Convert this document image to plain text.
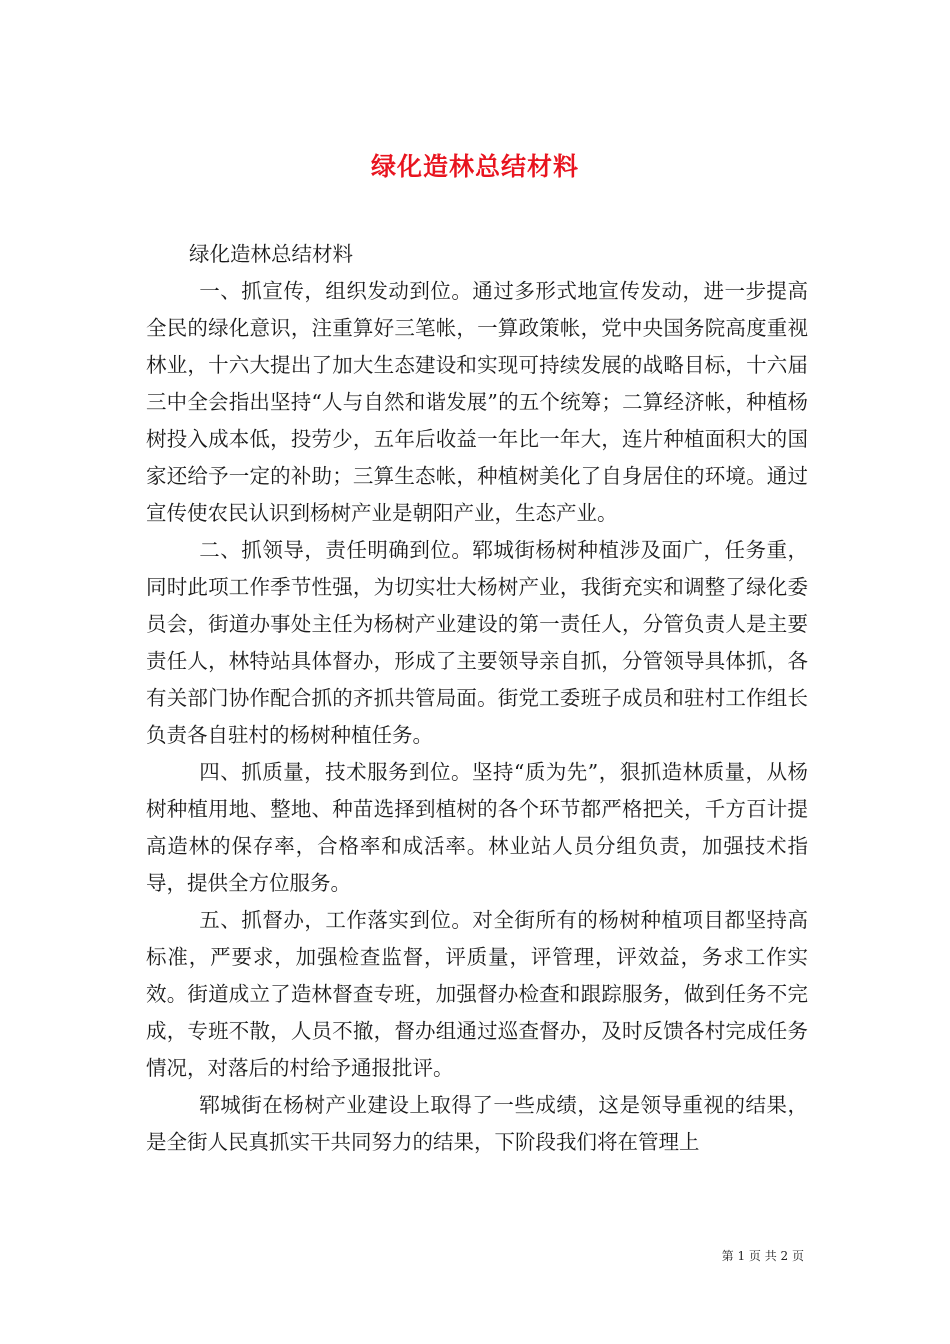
绿化造林总结材料

绿化造林总结材料

一、抓宣传，组织发动到位。通过多形式地宣传发动，进一步提高全民的绿化意识，注重算好三笔帐，一算政策帐，党中央国务院高度重视林业，十六大提出了加大生态建设和实现可持续发展的战略目标，十六届三中全会指出坚持“人与自然和谐发展”的五个统筹；二算经济帐，种植杨树投入成本低，投劳少，五年后收益一年比一年大，连片种植面积大的国家还给予一定的补助；三算生态帐，种植树美化了自身居住的环境。通过宣传使农民认识到杨树产业是朝阳产业，生态产业。

二、抓领导，责任明确到位。郓城街杨树种植涉及面广，任务重，同时此项工作季节性强，为切实壮大杨树产业，我街充实和调整了绿化委员会，街道办事处主任为杨树产业建设的第一责任人，分管负责人是主要责任人，林特站具体督办，形成了主要领导亲自抓，分管领导具体抓，各有关部门协作配合抓的齐抓共管局面。街党工委班子成员和驻村工作组长负责各自驻村的杨树种植任务。

四、抓质量，技术服务到位。坚持“质为先”，狠抓造林质量，从杨树种植用地、整地、种苗选择到植树的各个环节都严格把关，千方百计提高造林的保存率，合格率和成活率。林业站人员分组负责，加强技术指导，提供全方位服务。

五、抓督办，工作落实到位。对全街所有的杨树种植项目都坚持高标准，严要求，加强检查监督，评质量，评管理，评效益，务求工作实效。街道成立了造林督查专班，加强督办检查和跟踪服务，做到任务不完成，专班不散，人员不撤，督办组通过巡查督办，及时反馈各村完成任务情况，对落后的村给予通报批评。

郓城街在杨树产业建设上取得了一些成绩，这是领导重视的结果，是全街人民真抓实干共同努力的结果，下阶段我们将在管理上

第 1 页 共 2 页
